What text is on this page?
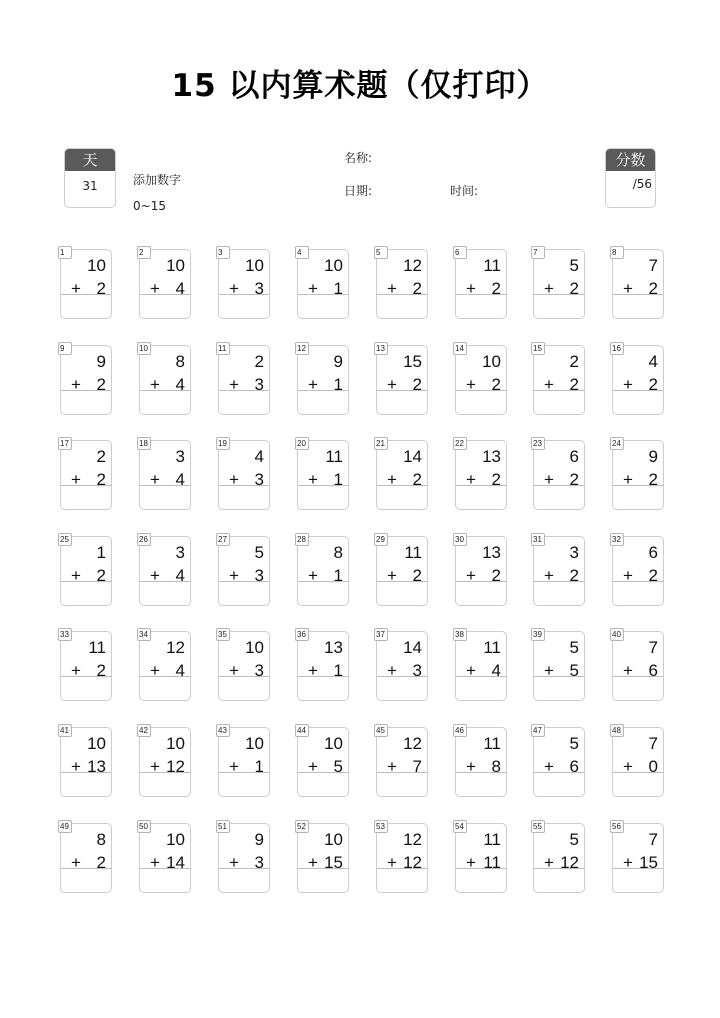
15 以内算术题（仅打印）
天
31	添加数字
0~15
名称:
日期:	时间:
分数
/56
1
10
+ 2
2
10
+ 4
3
10
+ 3
4
10
+ 1
5
12
+ 2
6
11
+ 2
7
5
+ 2
8
7
+ 2
9
9
+ 2
10
8
+ 4
11
2
+ 3
12
9
+ 1
13
15
+ 2
14
10
+ 2
15
2
+ 2
16
4
+ 2
17
2
+ 2
18
3
+ 4
19
4
+ 3
20
11
+ 1
21
14
+ 2
22
13
+ 2
23
6
+ 2
24
9
+ 2
25
1
+ 2
26
3
+ 4
27
5
+ 3
28
8
+ 1
29
11
+ 2
30
13
+ 2
31
3
+ 2
32
6
+ 2
33
11
+ 2
34
12
+ 4
35
10
+ 3
36
13
+ 1
37
14
+ 3
38
11
+ 4
39
5
+ 5
40
7
+ 6
41
10
+ 13
42
10
+ 12
43
10
+ 1
44
10
+ 5
45
12
+ 7
46
11
+ 8
47
5
+ 6
48
7
+ 0
49
8
+ 2
50
10
+ 14
51
9
+ 3
52
10
+ 15
53
12
+ 12
54
11
+ 11
55
5
+ 12
56
7
+ 15
